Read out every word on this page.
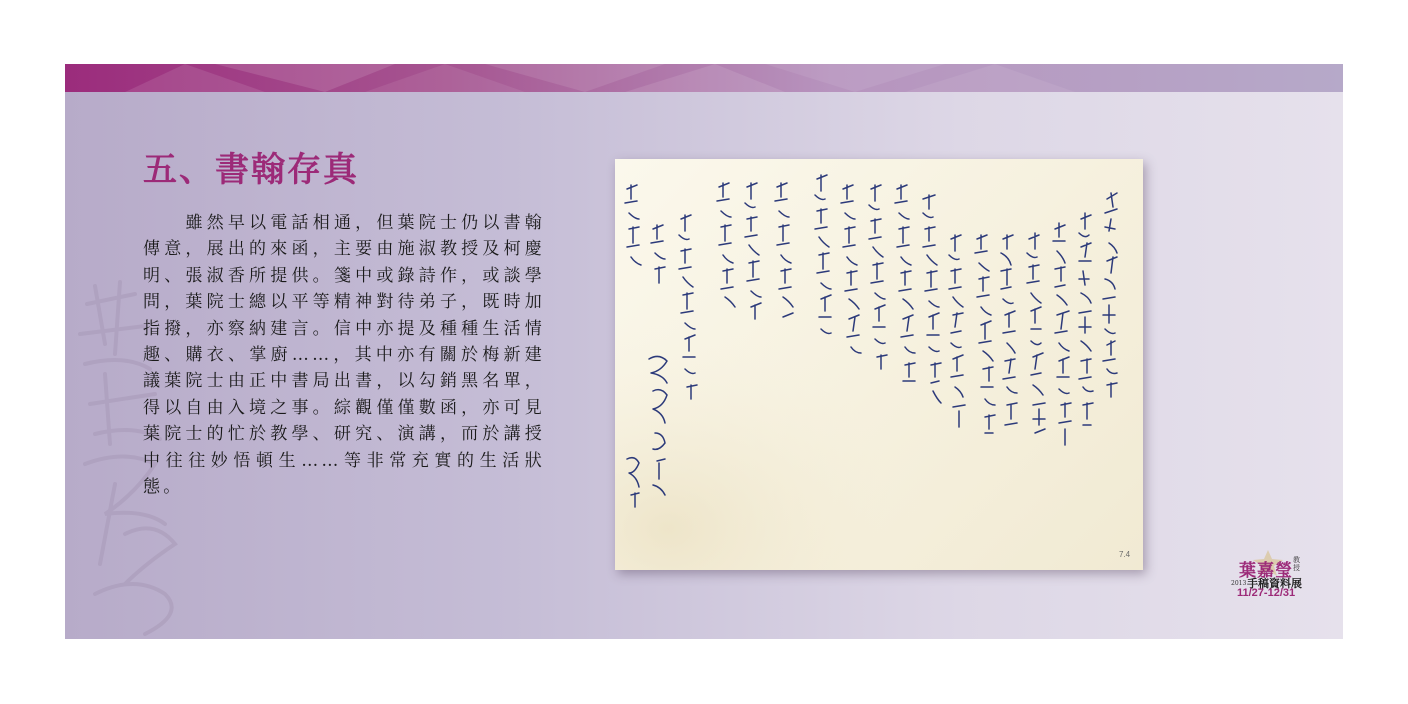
五、書翰存真

雖然早以電話相通，但葉院士仍以書翰傳意，展出的來函，主要由施淑教授及柯慶明、張淑香所提供。箋中或錄詩作，或談學問，葉院士總以平等精神對待弟子，既時加指撥，亦察納建言。信中亦提及種種生活情趣、購衣、掌廚……，其中亦有關於梅新建議葉院士由正中書局出書，以勾銷黑名單，得以自由入境之事。綜觀僅僅數函，亦可見葉院士的忙於教學、研究、演講，而於講授中往往妙悟頓生……等非常充實的生活狀態。

7.4
葉嘉瑩
教授
2013 手稿資料展
11/27-12/31
